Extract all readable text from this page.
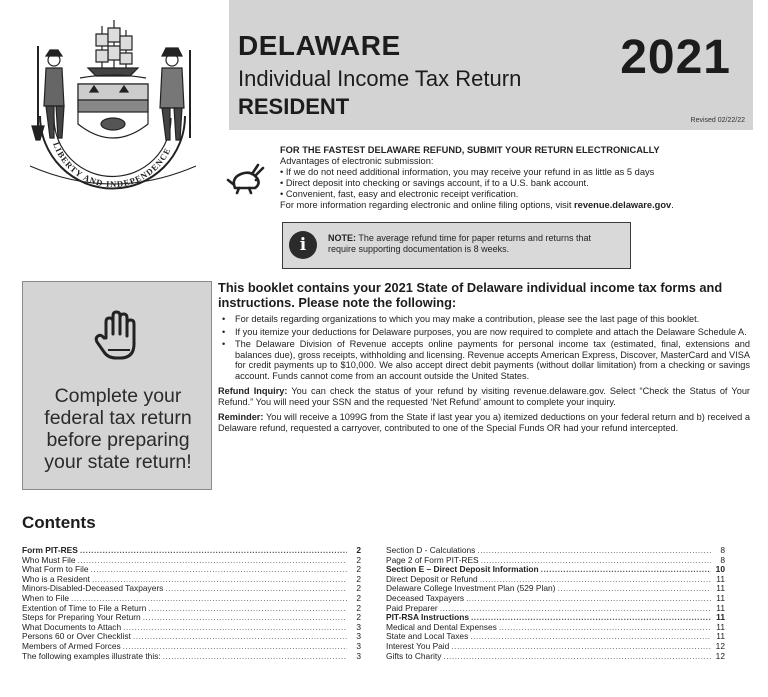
LIBERTY AND INDEPENDENCE
DELAWARE
Individual Income Tax Return
RESIDENT
2021
Revised 02/22/22
FOR THE FASTEST DELAWARE REFUND, SUBMIT YOUR RETURN ELECTRONICALLY
Advantages of electronic submission:
• If we do not need additional information, you may receive your refund in as little as 5 days
• Direct deposit into checking or savings account, if to a U.S. bank account.
• Convenient, fast, easy and electronic receipt verification.
For more information regarding electronic and online filing options, visit revenue.delaware.gov.
i	NOTE: The average refund time for paper returns and returns that require supporting documentation is 8 weeks.
Complete your
federal tax return
before preparing
your state return!
This booklet contains your 2021 State of Delaware individual income tax forms and instructions. Please note the following:
• For details regarding organizations to which you may make a contribution, please see the last page of this booklet.
• If you itemize your deductions for Delaware purposes, you are now required to complete and attach the Delaware Schedule A.
• The Delaware Division of Revenue accepts online payments for personal income tax (estimated, final, extensions and balances due), gross receipts, withholding and licensing. Revenue accepts American Express, Discover, MasterCard and VISA for credit payments up to $10,000. We also accept direct debit payments (without dollar limitation) from a checking or savings account. Funds cannot come from an account outside the United States.

Refund Inquiry: You can check the status of your refund by visiting revenue.delaware.gov. Select “Check the Status of Your Refund.” You will need your SSN and the requested ‘Net Refund’ amount to complete your inquiry.

Reminder: You will receive a 1099G from the State if last year you a) itemized deductions on your federal return and b) received a Delaware refund, requested a carryover, contributed to one of the Special Funds OR had your refund intercepted.

Contents
Form PIT-RES .....	2
Who Must File .....	2
What Form to File .....	2
Who is a Resident .....	2
Minors-Disabled-Deceased Taxpayers .....	2
When to File .....	2
Extention of Time to File a Return .....	2
Steps for Preparing Your Return .....	2
What Documents to Attach .....	3
Persons 60 or Over Checklist .....	3
Members of Armed Forces .....	3
The following examples illustrate this: .....	3
Section D - Calculations .....	8
Page 2 of Form PIT-RES .....	8
Section E – Direct Deposit Information .....	10
Direct Deposit or Refund .....	11
Delaware College Investment Plan (529 Plan) .....	11
Deceased Taxpayers .....	11
Paid Preparer .....	11
PIT-RSA Instructions .....	11
Medical and Dental Expenses .....	11
State and Local Taxes .....	11
Interest You Paid .....	12
Gifts to Charity .....	12
